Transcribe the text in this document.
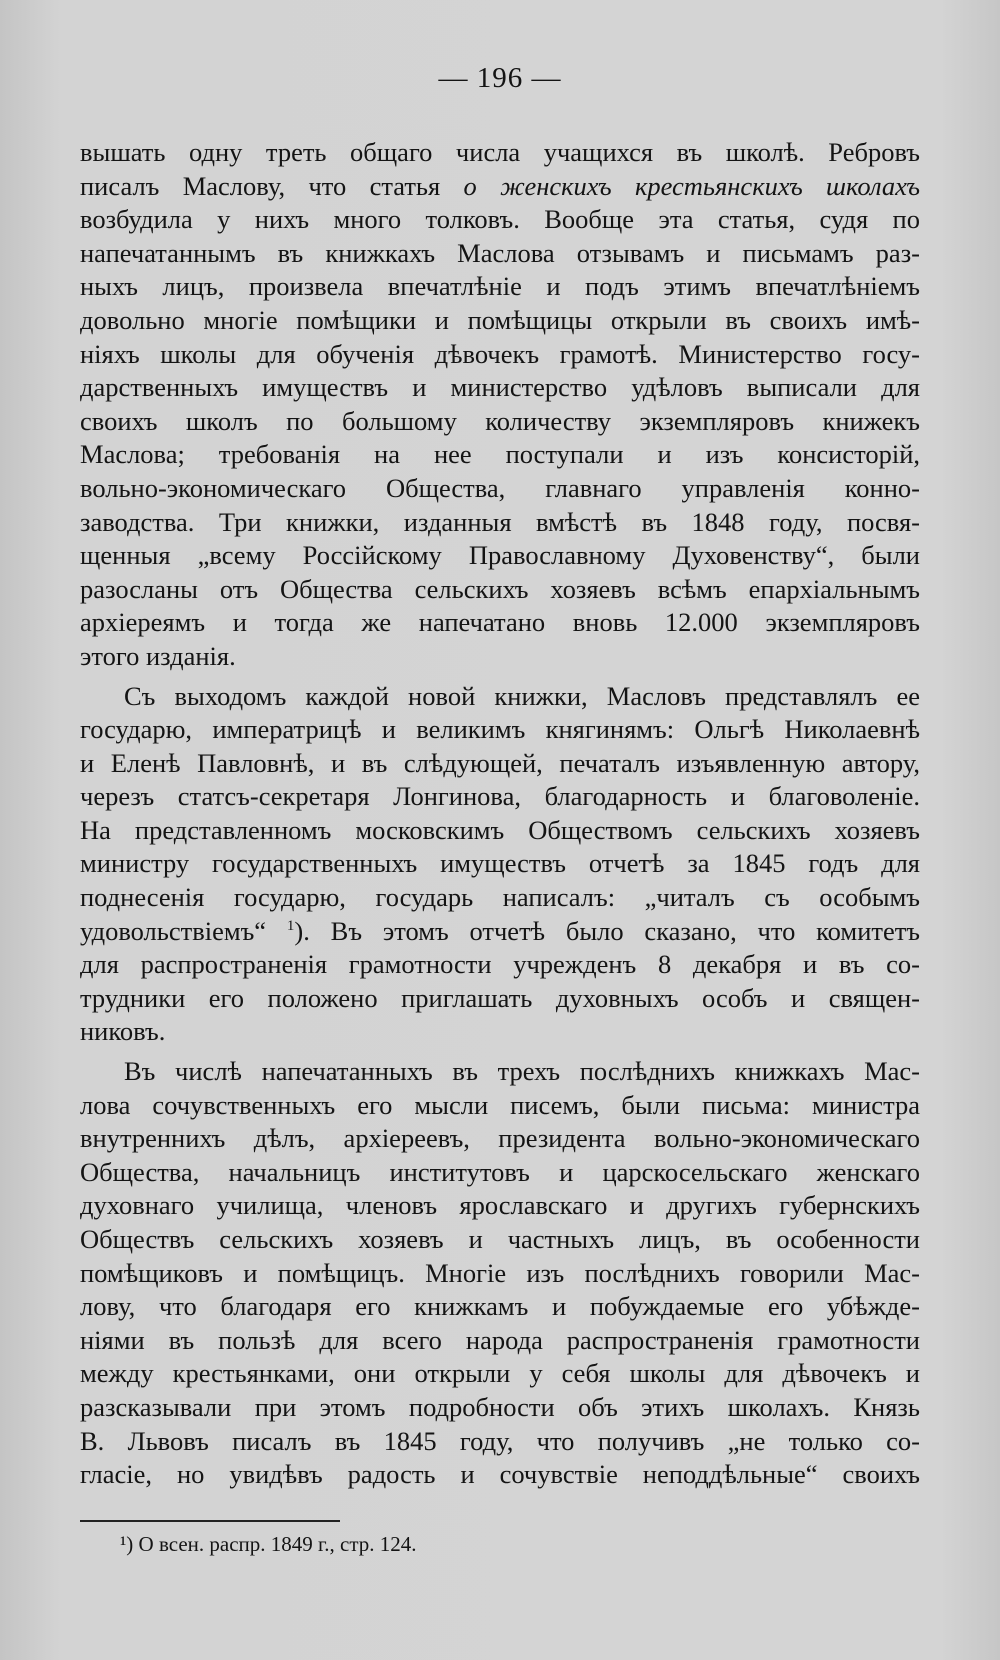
— 196 —
вышать одну треть общаго числа учащихся въ школѣ. Ребровъ
писалъ Маслову, что статья о женскихъ крестьянскихъ школахъ
возбудила у нихъ много толковъ. Вообще эта статья, судя по
напечатаннымъ въ книжкахъ Маслова отзывамъ и письмамъ раз-
ныхъ лицъ, произвела впечатлѣніе и подъ этимъ впечатлѣніемъ
довольно многіе помѣщики и помѣщицы открыли въ своихъ имѣ-
ніяхъ школы для обученія дѣвочекъ грамотѣ. Министерство госу-
дарственныхъ имуществъ и министерство удѣловъ выписали для
своихъ школъ по большому количеству экземпляровъ книжекъ
Маслова; требованія на нее поступали и изъ консисторій,
вольно-экономическаго Общества, главнаго управленія конно-
заводства. Три книжки, изданныя вмѣстѣ въ 1848 году, посвя-
щенныя „всему Россійскому Православному Духовенству“, были
разосланы отъ Общества сельскихъ хозяевъ всѣмъ епархіальнымъ
архіереямъ и тогда же напечатано вновь 12.000 экземпляровъ
этого изданія.
Съ выходомъ каждой новой книжки, Масловъ представлялъ ее
государю, императрицѣ и великимъ княгинямъ: Ольгѣ Николаевнѣ
и Еленѣ Павловнѣ, и въ слѣдующей, печаталъ изъявленную автору,
черезъ статсъ-секретаря Лонгинова, благодарность и благоволеніе.
На представленномъ московскимъ Обществомъ сельскихъ хозяевъ
министру государственныхъ имуществъ отчетѣ за 1845 годъ для
поднесенія государю, государь написалъ: „читалъ съ особымъ
удовольствіемъ“ $^1$). Въ этомъ отчетѣ было сказано, что комитетъ
для распространенія грамотности учрежденъ 8 декабря и въ со-
трудники его положено приглашать духовныхъ особъ и священ-
никовъ.
Въ числѣ напечатанныхъ въ трехъ послѣднихъ книжкахъ Мас-
лова сочувственныхъ его мысли писемъ, были письма: министра
внутреннихъ дѣлъ, архіереевъ, президента вольно-экономическаго
Общества, начальницъ институтовъ и царскосельскаго женскаго
духовнаго училища, членовъ ярославскаго и другихъ губернскихъ
Обществъ сельскихъ хозяевъ и частныхъ лицъ, въ особенности
помѣщиковъ и помѣщицъ. Многіе изъ послѣднихъ говорили Мас-
лову, что благодаря его книжкамъ и побуждаемые его убѣжде-
ніями въ пользѣ для всего народа распространенія грамотности
между крестьянками, они открыли у себя школы для дѣвочекъ и
разсказывали при этомъ подробности объ этихъ школахъ. Князь
В. Львовъ писалъ въ 1845 году, что получивъ „не только со-
гласіе, но увидѣвъ радость и сочувствіе неподдѣльные“ своихъ
¹) О всен. распр. 1849 г., стр. 124.
